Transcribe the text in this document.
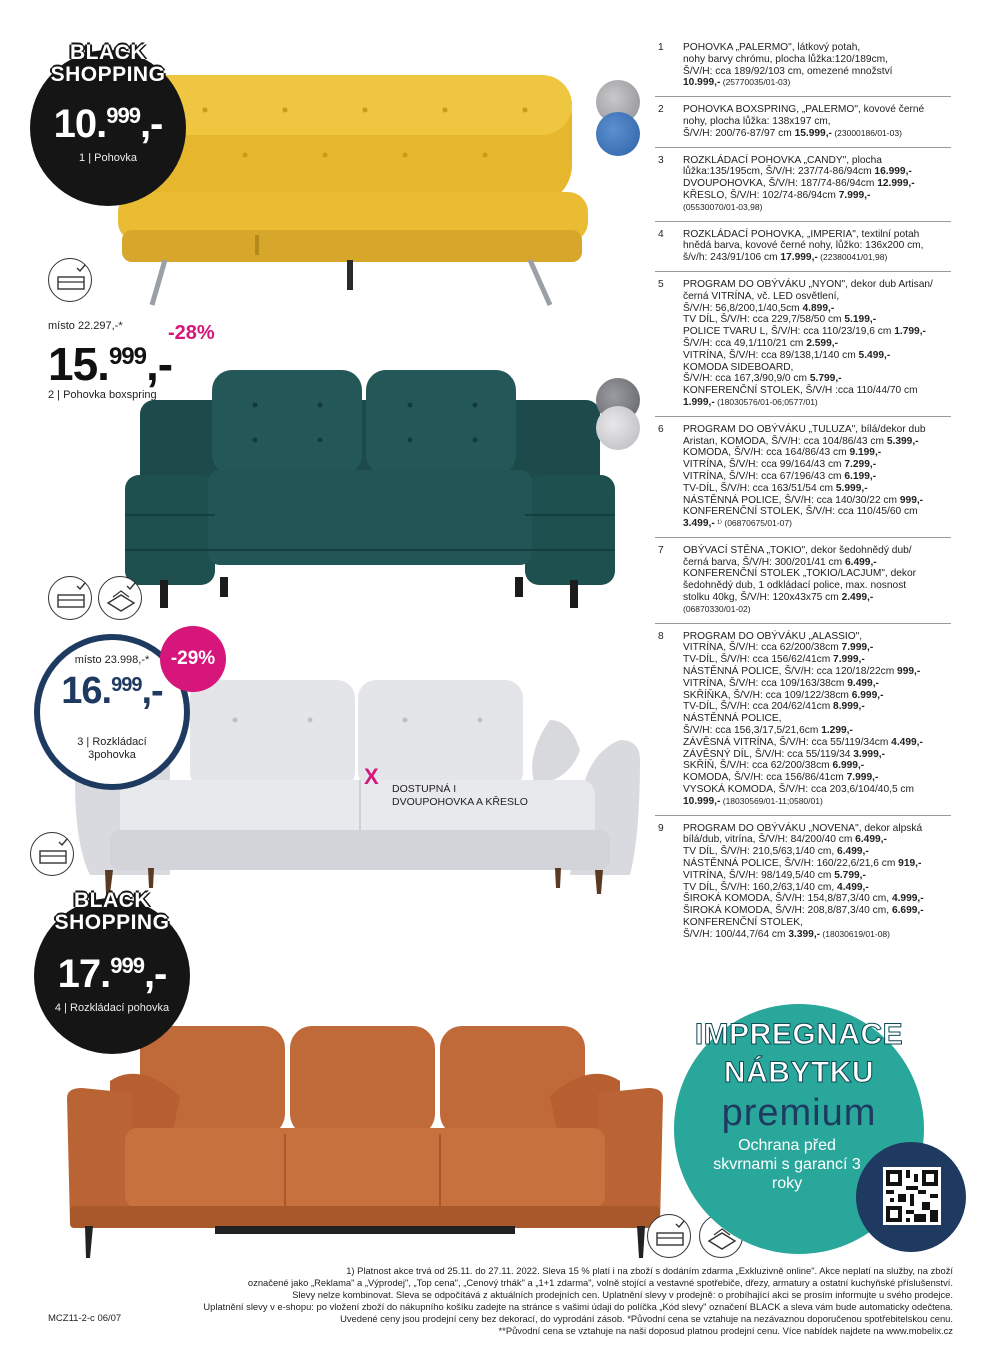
BLACK
SHOPPING
10.$^{999}$,-
1 | Pohovka
místo 22.297,-*
15.$^{999}$,-
2 | Pohovka boxspring
-28%
místo 23.998,-*
16.$^{999}$,-
3 | Rozkládací
3pohovka
-29%
X DOSTUPNÁ I
DVOUPOHOVKA A KŘESLO
BLACK
SHOPPING
17.$^{999}$,-
4 | Rozkládací pohovka
1 POHOVKA „PALERMO", látkový potah,
nohy barvy chrómu, plocha lůžka:120/189cm,
Š/V/H: cca 189/92/103 cm, omezené množství
10.999,- (25770035/01-03)
2 POHOVKA BOXSPRING, „PALERMO", kovové černé
nohy, plocha lůžka: 138x197 cm,
Š/V/H: 200/76-87/97 cm 15.999,- (23000186/01-03)
3 ROZKLÁDACÍ POHOVKA „CANDY", plocha
lůžka:135/195cm, Š/V/H: 237/74-86/94cm 16.999,-
DVOUPOHOVKA, Š/V/H: 187/74-86/94cm 12.999,-
KŘESLO, Š/V/H: 102/74-86/94cm 7.999,-
(05530070/01-03,98)
4 ROZKLÁDACÍ POHOVKA, „IMPERIA", textilní potah
hnědá barva, kovové černé nohy, lůžko: 136x200 cm,
š/v/h: 243/91/106 cm 17.999,- (22380041/01,98)
5 PROGRAM DO OBÝVÁKU „NYON", dekor dub Artisan/
černá VITRÍNA, vč. LED osvětlení,
Š/V/H: 56,8/200,1/40,5cm 4.899,-
TV DÍL, Š/V/H: cca 229,7/58/50 cm 5.199,-
POLICE TVARU L, Š/V/H: cca 110/23/19,6 cm 1.799,-
Š/V/H: cca 49,1/110/21 cm 2.599,-
VITRÍNA, Š/V/H: cca 89/138,1/140 cm 5.499,-
KOMODA SIDEBOARD,
Š/V/H: cca 167,3/90,9/0 cm 5.799,-
KONFERENČNÍ STOLEK, Š/V/H :cca 110/44/70 cm
1.999,- (18030576/01-06;0577/01)
6 PROGRAM DO OBÝVÁKU „TULUZA", bílá/dekor dub
Aristan, KOMODA, Š/V/H: cca 104/86/43 cm 5.399,-
KOMODA, Š/V/H: cca 164/86/43 cm 9.199,-
VITRÍNA, Š/V/H: cca 99/164/43 cm 7.299,-
VITRÍNA, Š/V/H: cca 67/196/43 cm 6.199,-
TV-DÍL, Š/V/H: cca 163/51/54 cm 5.999,-
NÁSTĚNNÁ POLICE, Š/V/H: cca 140/30/22 cm 999,-
KONFERENČNÍ STOLEK, Š/V/H: cca 110/45/60 cm
3.499,- ¹⁾ (06870675/01-07)
7 OBÝVACÍ STĚNA „TOKIO", dekor šedohnědý dub/
černá barva, Š/V/H: 300/201/41 cm 6.499,-
KONFERENČNÍ STOLEK „TOKIO/LACJUM", dekor
šedohnědý dub, 1 odkládací police, max. nosnost
stolku 40kg, Š/V/H: 120x43x75 cm 2.499,-
(06870330/01-02)
8 PROGRAM DO OBÝVÁKU „ALASSIO",
VITRÍNA, Š/V/H: cca 62/200/38cm 7.999,-
TV-DÍL, Š/V/H: cca 156/62/41cm 7.999,-
NÁSTĚNNÁ POLICE, Š/V/H: cca 120/18/22cm 999,-
VITRÍNA, Š/V/H: cca 109/163/38cm 9.499,-
SKŘÍŇKA, Š/V/H: cca 109/122/38cm 6.999,-
TV-DÍL, Š/V/H: cca 204/62/41cm 8.999,-
NÁSTĚNNÁ POLICE,
Š/V/H: cca 156,3/17,5/21,6cm 1.299,-
ZÁVĚSNÁ VITRÍNA, Š/V/H: cca 55/119/34cm 4.499,-
ZÁVĚSNÝ DÍL, Š/V/H: cca 55/119/34 3.999,-
SKŘÍŇ, Š/V/H: cca 62/200/38cm 6.999,-
KOMODA, Š/V/H: cca 156/86/41cm 7.999,-
VYSOKÁ KOMODA, Š/V/H: cca 203,6/104/40,5 cm
10.999,- (18030569/01-11;0580/01)
9 PROGRAM DO OBÝVÁKU „NOVENA", dekor alpská
bílá/dub, vitrína, Š/V/H: 84/200/40 cm 6.499,-
TV DÍL, Š/V/H: 210,5/63,1/40 cm, 6.499,-
NÁSTĚNNÁ POLICE, Š/V/H: 160/22,6/21,6 cm 919,-
VITRÍNA, Š/V/H: 98/149,5/40 cm 5.799,-
TV DÍL, Š/V/H: 160,2/63,1/40 cm, 4.499,-
ŠIROKÁ KOMODA, Š/V/H: 154,8/87,3/40 cm, 4.999,-
ŠIROKÁ KOMODA, Š/V/H: 208,8/87,3/40 cm, 6.699,-
KONFERENČNÍ STOLEK,
Š/V/H: 100/44,7/64 cm 3.399,- (18030619/01-08)
IMPREGNACE
NÁBYTKU
premium
Ochrana před skvrnami s garancí 3 roky
1) Platnost akce trvá od 25.11. do 27.11. 2022. Sleva 15 % platí i na zboží s dodáním zdarma „Exkluzivně online". Akce neplatí na služby, na zboží
označené jako „Reklama" a „Výprodej", „Top cena", „Cenový trhák" a „1+1 zdarma", volně stojící a vestavné spotřebiče, dřezy, armatury a ostatní kuchyňské příslušenství.
Slevy nelze kombinovat. Sleva se odpočítává z aktuálních prodejních cen. Uplatnění slevy v prodejně: o probíhající akci se prosím informujte u svého prodejce.
Uplatnění slevy v e-shopu: po vložení zboží do nákupního košíku zadejte na stránce s vašimi údaji do políčka „Kód slevy" označení BLACK a sleva vám bude automaticky odečtena.
Uvedené ceny jsou prodejní ceny bez dekorací, do vyprodání zásob. *Původní cena se vztahuje na nezávaznou doporučenou spotřebitelskou cenu.
**Původní cena se vztahuje na naši doposud platnou prodejní cenu. Více nabídek najdete na www.mobelix.cz
MCZ11-2-c 06/07
